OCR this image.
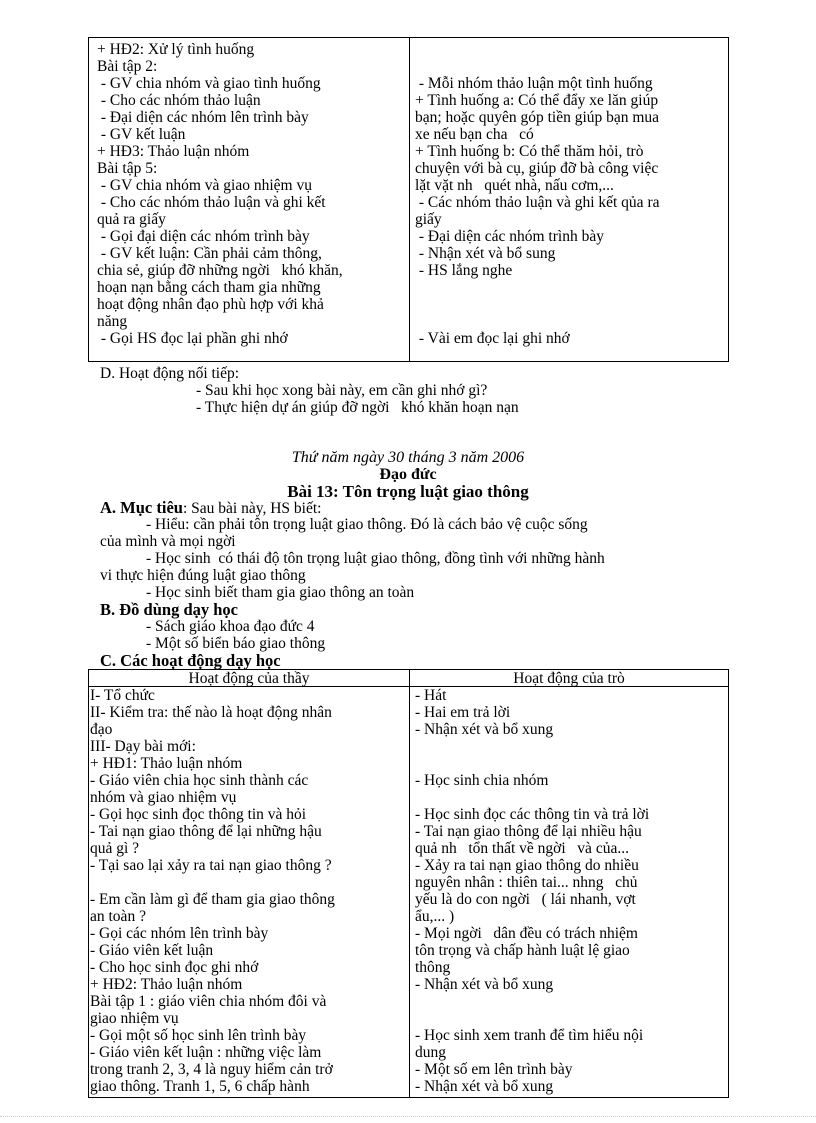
+ HĐ2: Xử lý tình huống
Bài tập 2:
- GV chia nhóm và giao tình huống
- Cho các nhóm thảo luận
- Đại diện các nhóm lên trình bày
- GV kết luận
+ HĐ3: Thảo luận nhóm
Bài tập 5:
- GV chia nhóm và giao nhiệm vụ
- Cho các nhóm thảo luận và ghi kết
quả ra giấy
- Gọi đại diện các nhóm trình bày
- GV kết luận: Cần phải cảm thông,
chia sẻ, giúp đỡ những ngời   khó khăn,
hoạn nạn bằng cách tham gia những
hoạt động nhân đạo phù hợp với khả
năng
- Gọi HS đọc lại phần ghi nhớ
- Mỗi nhóm thảo luận một tình huống
+ Tình huống a: Có thể đẩy xe lăn giúp
bạn; hoặc quyên góp tiền giúp bạn mua
xe nếu bạn cha   có
+ Tình huống b: Có thể thăm hỏi, trò
chuyện với bà cụ, giúp đỡ bà công việc
lặt vặt nh   quét nhà, nấu cơm,...
- Các nhóm thảo luận và ghi kết qủa ra
giấy
- Đại diện các nhóm trình bày
- Nhận xét và bổ sung
- HS lắng nghe
- Vài em đọc lại ghi nhớ
D. Hoạt động nối tiếp:
- Sau khi học xong bài này, em cần ghi nhớ gì?
- Thực hiện dự án giúp đỡ ngời   khó khăn hoạn nạn
Thứ năm ngày 30 tháng 3 năm 2006
Đạo đức
Bài 13: Tôn trọng luật giao thông
A. Mục tiêu: Sau bài này, HS biết:
- Hiểu: cần phải tôn trọng luật giao thông. Đó là cách bảo vệ cuộc sống
của mình và mọi ngời
- Học sinh  có thái độ tôn trọng luật giao thông, đồng tình với những hành
vi thực hiện đúng luật giao thông
- Học sinh biết tham gia giao thông an toàn
B. Đồ dùng dạy học
- Sách giáo khoa đạo đức 4
- Một số biển báo giao thông
C. Các hoạt động dạy học
Hoạt động của thầy	Hoạt động của trò
I- Tổ chức
II- Kiểm tra: thế nào là hoạt động nhân
đạo
III- Dạy bài mới:
+ HĐ1: Thảo luận nhóm
- Giáo viên chia học sinh thành các
nhóm và giao nhiệm vụ
- Gọi học sinh đọc thông tin và hỏi
- Tai nạn giao thông để lại những hậu
quả gì ?
- Tại sao lại xảy ra tai nạn giao thông ?
- Em cần làm gì để tham gia giao thông
an toàn ?
- Gọi các nhóm lên trình bày
- Giáo viên kết luận
- Cho học sinh đọc ghi nhớ
+ HĐ2: Thảo luận nhóm
Bài tập 1 : giáo viên chia nhóm đôi và
giao nhiệm vụ
- Gọi một số học sinh lên trình bày
- Giáo viên kết luận : những việc làm
trong tranh 2, 3, 4 là nguy hiểm cản trở
giao thông. Tranh 1, 5, 6 chấp hành
- Hát
- Hai em trả lời
- Nhận xét và bổ xung
- Học sinh chia nhóm
- Học sinh đọc các thông tin và trả lời
- Tai nạn giao thông để lại nhiều hậu
quả nh   tổn thất về ngời   và của...
- Xảy ra tai nạn giao thông do nhiều
nguyên nhân : thiên tai... nhng   chủ
yếu là do con ngời   ( lái nhanh, vợt
ẩu,... )
- Mọi ngời   dân đều có trách nhiệm
tôn trọng và chấp hành luật lệ giao
thông
- Nhận xét và bổ xung
- Học sinh xem tranh để tìm hiểu nội
dung
- Một số em lên trình bày
- Nhận xét và bổ xung
